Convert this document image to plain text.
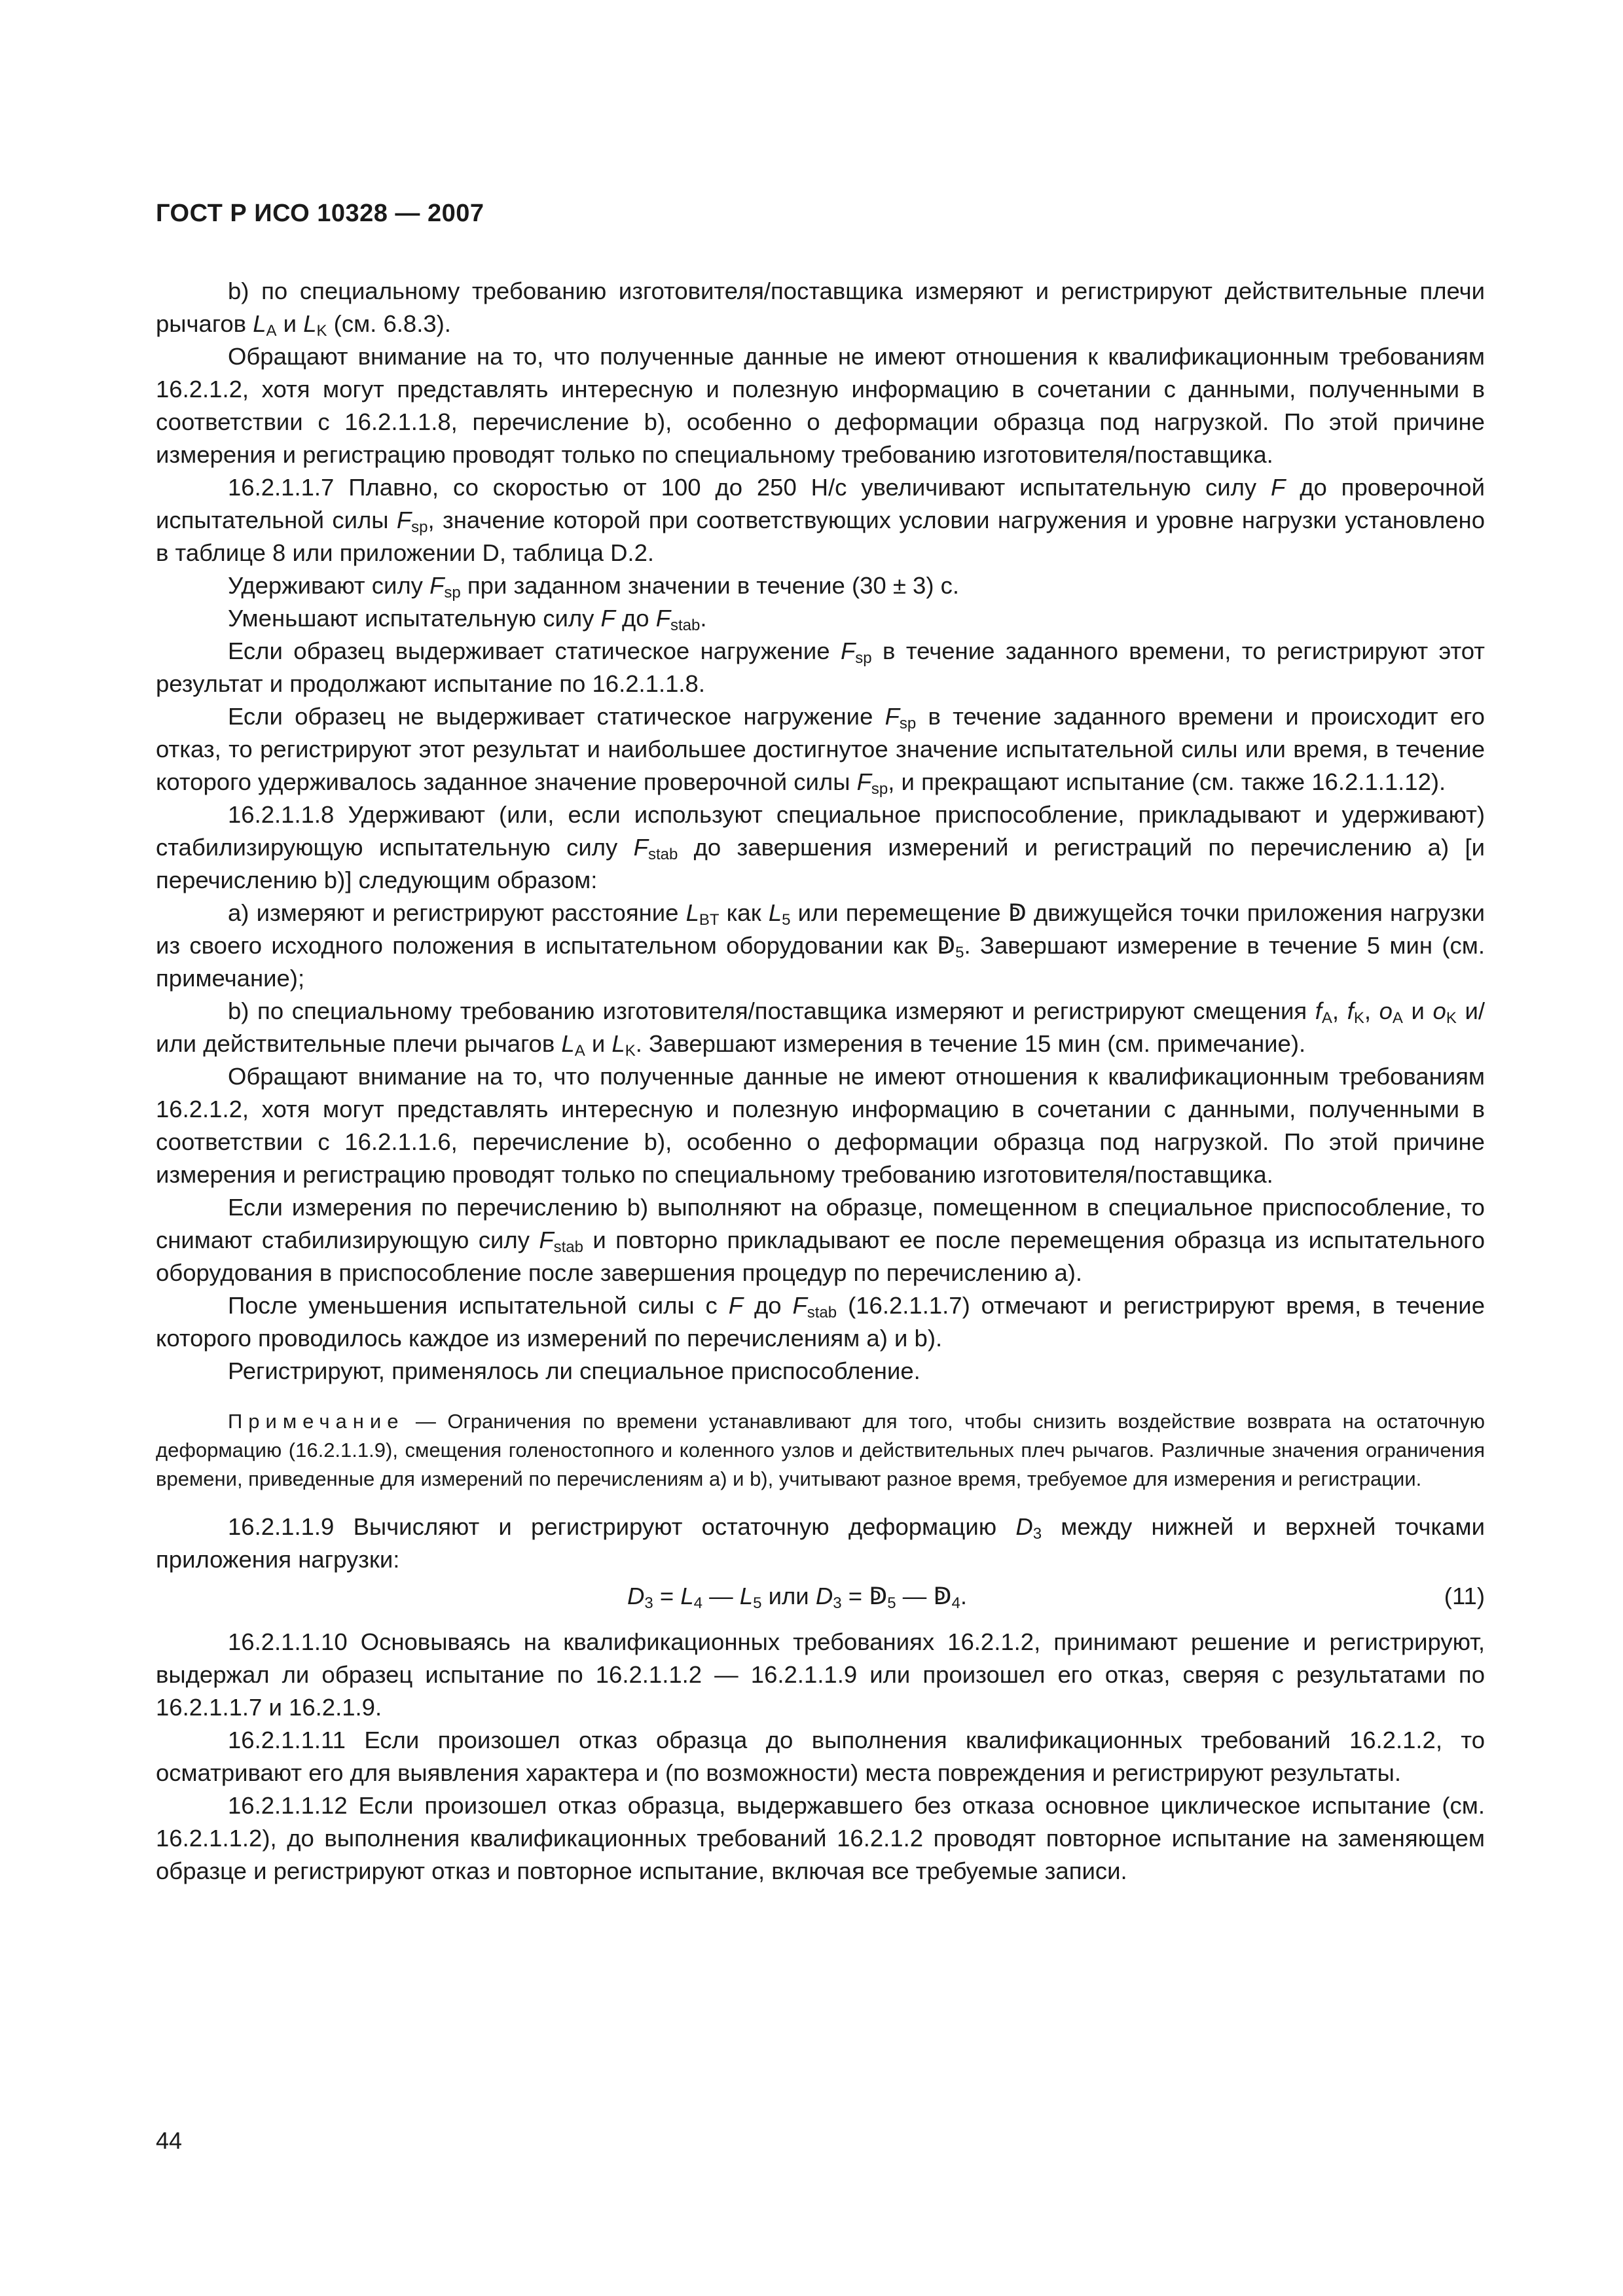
ГОСТ Р ИСО 10328 — 2007

b) по специальному требованию изготовителя/поставщика измеряют и регистрируют действительные плечи рычагов $L_A$ и $L_K$ (см. 6.8.3).

Обращают внимание на то, что полученные данные не имеют отношения к квалификационным требованиям 16.2.1.2, хотя могут представлять интересную и полезную информацию в сочетании с данными, полученными в соответствии с 16.2.1.1.8, перечисление b), особенно о деформации образца под нагрузкой. По этой причине измерения и регистрацию проводят только по специальному требованию изготовителя/поставщика.

16.2.1.1.7 Плавно, со скоростью от 100 до 250 Н/с увеличивают испытательную силу F до проверочной испытательной силы $F_{sp}$, значение которой при соответствующих условии нагружения и уровне нагрузки установлено в таблице 8 или приложении D, таблица D.2.

Удерживают силу $F_{sp}$ при заданном значении в течение (30 ± 3) с.

Уменьшают испытательную силу F до $F_{stab}$.

Если образец выдерживает статическое нагружение $F_{sp}$ в течение заданного времени, то регистрируют этот результат и продолжают испытание по 16.2.1.1.8.

Если образец не выдерживает статическое нагружение $F_{sp}$ в течение заданного времени и происходит его отказ, то регистрируют этот результат и наибольшее достигнутое значение испытательной силы или время, в течение которого удерживалось заданное значение проверочной силы $F_{sp}$, и прекращают испытание (см. также 16.2.1.1.12).

16.2.1.1.8 Удерживают (или, если используют специальное приспособление, прикладывают и удерживают) стабилизирующую испытательную силу $F_{stab}$ до завершения измерений и регистраций по перечислению а) [и перечислению b)] следующим образом:

а) измеряют и регистрируют расстояние $L_{BT}$ как $L_5$ или перемещение ↁ движущейся точки приложения нагрузки из своего исходного положения в испытательном оборудовании как $ↁ_5$. Завершают измерение в течение 5 мин (см. примечание);

b) по специальному требованию изготовителя/поставщика измеряют и регистрируют смещения $f_A$, $f_K$, $o_A$ и $o_K$ и/или действительные плечи рычагов $L_A$ и $L_K$. Завершают измерения в течение 15 мин (см. примечание).

Обращают внимание на то, что полученные данные не имеют отношения к квалификационным требованиям 16.2.1.2, хотя могут представлять интересную и полезную информацию в сочетании с данными, полученными в соответствии с 16.2.1.1.6, перечисление b), особенно о деформации образца под нагрузкой. По этой причине измерения и регистрацию проводят только по специальному требованию изготовителя/поставщика.

Если измерения по перечислению b) выполняют на образце, помещенном в специальное приспособление, то снимают стабилизирующую силу $F_{stab}$ и повторно прикладывают ее после перемещения образца из испытательного оборудования в приспособление после завершения процедур по перечислению а).

После уменьшения испытательной силы с F до $F_{stab}$ (16.2.1.1.7) отмечают и регистрируют время, в течение которого проводилось каждое из измерений по перечислениям а) и b).

Регистрируют, применялось ли специальное приспособление.

Примечание — Ограничения по времени устанавливают для того, чтобы снизить воздействие возврата на остаточную деформацию (16.2.1.1.9), смещения голеностопного и коленного узлов и действительных плеч рычагов. Различные значения ограничения времени, приведенные для измерений по перечислениям а) и b), учитывают разное время, требуемое для измерения и регистрации.

16.2.1.1.9 Вычисляют и регистрируют остаточную деформацию $D_3$ между нижней и верхней точками приложения нагрузки:

$D_3 = L_4$ — $L_5$ или $D_3$ = $ↁ_5$ — $ↁ_4$.	(11)

16.2.1.1.10 Основываясь на квалификационных требованиях 16.2.1.2, принимают решение и регистрируют, выдержал ли образец испытание по 16.2.1.1.2 — 16.2.1.1.9 или произошел его отказ, сверяя с результатами по 16.2.1.1.7 и 16.2.1.9.

16.2.1.1.11 Если произошел отказ образца до выполнения квалификационных требований 16.2.1.2, то осматривают его для выявления характера и (по возможности) места повреждения и регистрируют результаты.

16.2.1.1.12 Если произошел отказ образца, выдержавшего без отказа основное циклическое испытание (см. 16.2.1.1.2), до выполнения квалификационных требований 16.2.1.2 проводят повторное испытание на заменяющем образце и регистрируют отказ и повторное испытание, включая все требуемые записи.

44
